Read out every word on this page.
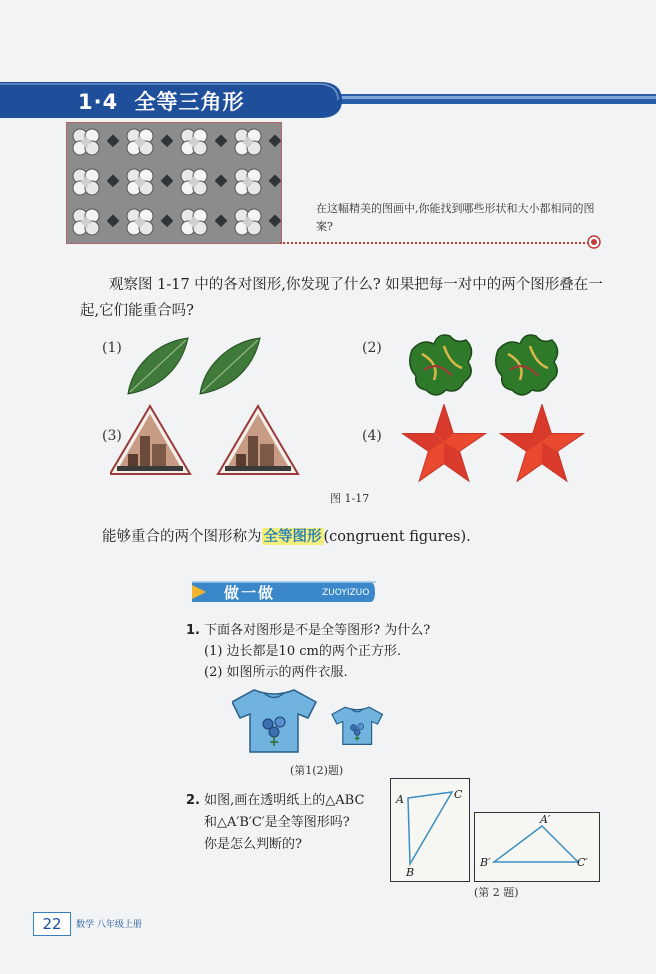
1·4 全等三角形
在这幅精美的图画中,你能找到哪些形状和大小都相同的图案?
观察图 1-17 中的各对图形,你发现了什么? 如果把每一对中的两个图形叠在一起,它们能重合吗?
(1)	(2)
(3)	(4)
图 1-17
能够重合的两个图形称为 全等图形 (congruent figures).
做一做	ZUOYIZUO
1. 下面各对图形是不是全等图形? 为什么?
(1) 边长都是10 cm的两个正方形.
(2) 如图所示的两件衣服.
(第1(2)题)
2. 如图,画在透明纸上的△ABC
和△A′B′C′是全等图形吗?
你是怎么判断的?
A	C
B
A′
B′	C′
(第 2 题)
22	数学 八年级上册
